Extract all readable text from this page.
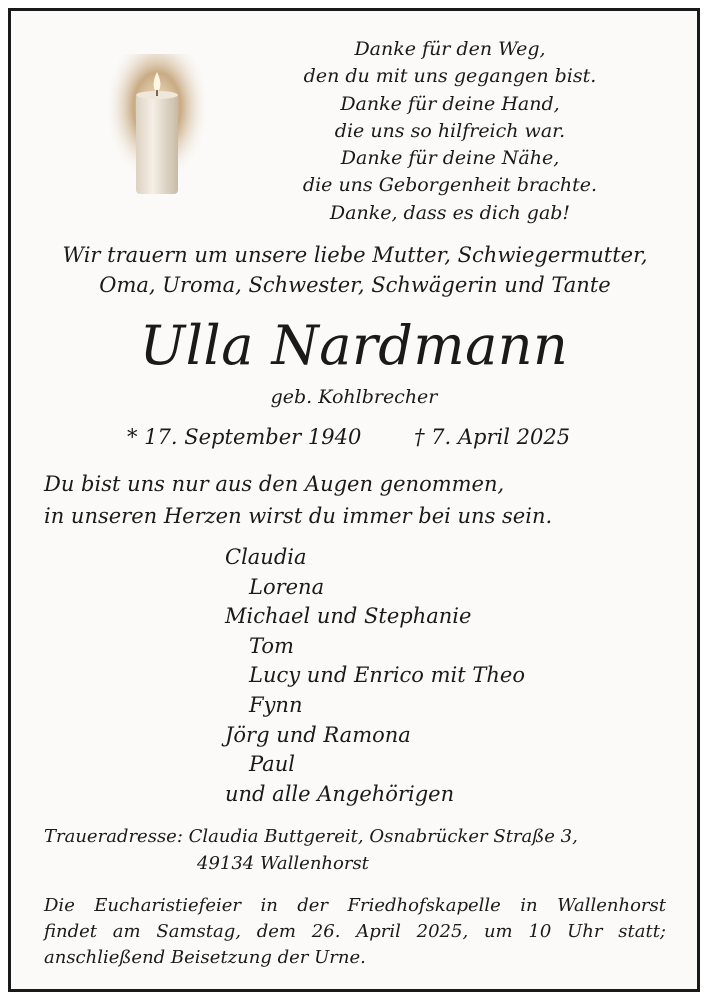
Danke für den Weg,
den du mit uns gegangen bist.
Danke für deine Hand,
die uns so hilfreich war.
Danke für deine Nähe,
die uns Geborgenheit brachte.
Danke, dass es dich gab!
Wir trauern um unsere liebe Mutter, Schwiegermutter,
Oma, Uroma, Schwester, Schwägerin und Tante
Ulla Nardmann
geb. Kohlbrecher
* 17. September 1940	† 7. April 2025
Du bist uns nur aus den Augen genommen,
in unseren Herzen wirst du immer bei uns sein.
Claudia
Lorena
Michael und Stephanie
Tom
Lucy und Enrico mit Theo
Fynn
Jörg und Ramona
Paul
und alle Angehörigen
Traueradresse: Claudia Buttgereit, Osnabrücker Straße 3,
49134 Wallenhorst
Die Eucharistiefeier in der Friedhofskapelle in Wallenhorst
findet am Samstag, dem 26. April 2025, um 10 Uhr statt;
anschließend Beisetzung der Urne.
